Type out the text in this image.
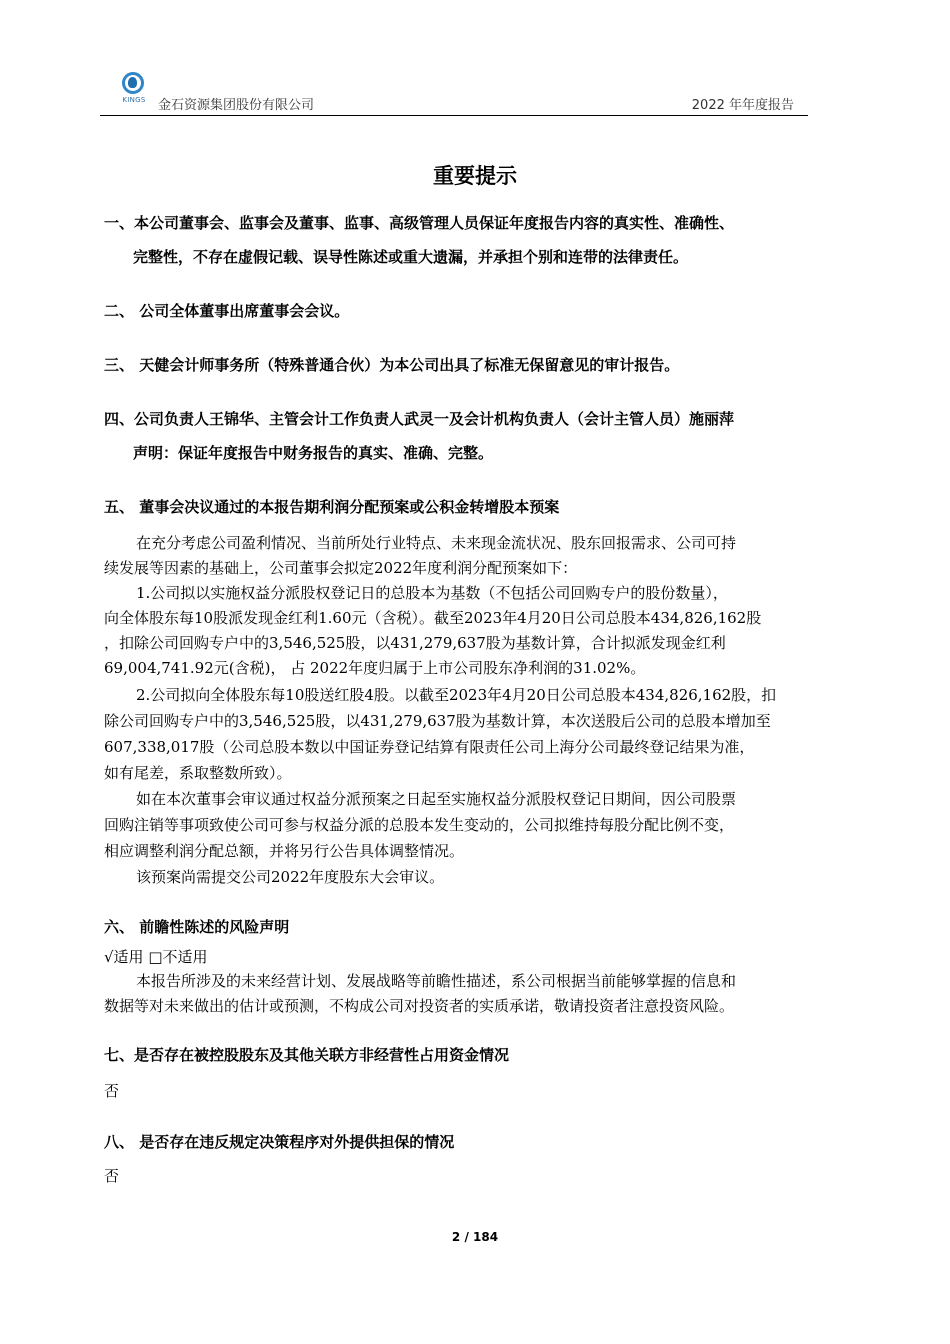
KINGS 金石资源集团股份有限公司	2022 年年度报告
重要提示
一、本公司董事会、监事会及董事、监事、高级管理人员保证年度报告内容的真实性、准确性、
完整性，不存在虚假记载、误导性陈述或重大遗漏，并承担个别和连带的法律责任。
二、 公司全体董事出席董事会会议。
三、 天健会计师事务所（特殊普通合伙）为本公司出具了标准无保留意见的审计报告。
四、公司负责人王锦华、主管会计工作负责人武灵一及会计机构负责人（会计主管人员）施丽萍
声明：保证年度报告中财务报告的真实、准确、完整。
五、 董事会决议通过的本报告期利润分配预案或公积金转增股本预案
在充分考虑公司盈利情况、当前所处行业特点、未来现金流状况、股东回报需求、公司可持
续发展等因素的基础上，公司董事会拟定2022年度利润分配预案如下：
1.公司拟以实施权益分派股权登记日的总股本为基数（不包括公司回购专户的股份数量），
向全体股东每10股派发现金红利1.60元（含税）。截至2023年4月20日公司总股本434,826,162股
，扣除公司回购专户中的3,546,525股，以431,279,637股为基数计算，合计拟派发现金红利
69,004,741.92元(含税)， 占 2022年度归属于上市公司股东净利润的31.02%。
2.公司拟向全体股东每10股送红股4股。以截至2023年4月20日公司总股本434,826,162股，扣
除公司回购专户中的3,546,525股，以431,279,637股为基数计算，本次送股后公司的总股本增加至
607,338,017股（公司总股本数以中国证券登记结算有限责任公司上海分公司最终登记结果为准，
如有尾差，系取整数所致）。
如在本次董事会审议通过权益分派预案之日起至实施权益分派股权登记日期间，因公司股票
回购注销等事项致使公司可参与权益分派的总股本发生变动的，公司拟维持每股分配比例不变，
相应调整利润分配总额，并将另行公告具体调整情况。
该预案尚需提交公司2022年度股东大会审议。
六、 前瞻性陈述的风险声明
√适用 □不适用
本报告所涉及的未来经营计划、发展战略等前瞻性描述，系公司根据当前能够掌握的信息和
数据等对未来做出的估计或预测，不构成公司对投资者的实质承诺，敬请投资者注意投资风险。
七、是否存在被控股股东及其他关联方非经营性占用资金情况
否
八、 是否存在违反规定决策程序对外提供担保的情况
否
2 / 184
